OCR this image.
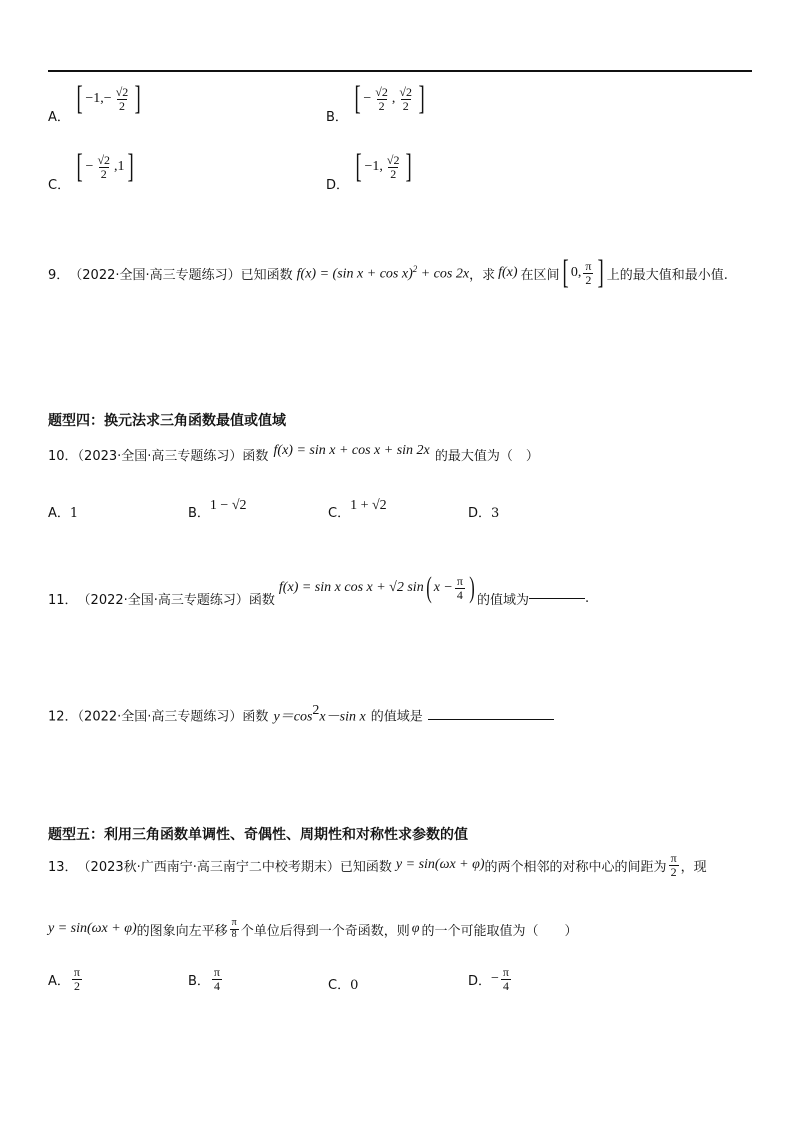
A．
[ −1, − $\frac{√2}{2}$ ]
B．
[ − $\frac{√2}{2}$ , $\frac{√2}{2}$ ]
C．
[ − $\frac{√2}{2} ,1$ ]
D．
[ −1, $\frac{√2}{2}$ ]
9． （2022·全国·高三专题练习） 已知函数 f(x) = (sin x + cos x)$^2$ + cos 2x ，求 f(x) 在区间 [ 0, $\frac{\pi}{2}$ ] 上的最大值和最小值.
题型四：换元法求三角函数最值或值域
10．（2023·全国·高三专题练习）函数 f(x) = sin x + cos x + sin 2x 的最大值为（　）
A．1	B．1 − √2
C．1 + √2
D．3
11． （2022·全国·高三专题练习） 函数
f(x) = sin x cos x + √2 sin ( $x - \frac{\pi}{4}$ ) 的值域为	.
12．（2022·全国·高三专题练习）函数 $y=\cos^2x-\sin$ x 的值域是
题型五：利用三角函数单调性、奇偶性、周期性和对称性求参数的值
13． （2023秋·广西南宁·高三南宁二中校考期末） 已知函数 y = sin(ωx + φ) 的两个相邻的对称中心的间距为 $\frac{\pi}{2}$ ，现
y = sin(ωx + φ) 的图象向左平移 $\frac{\pi}{8}$ 个单位后得到一个奇函数，则 φ 的一个可能取值为（　　）
A． $\frac{\pi}{2}$	B． $\frac{\pi}{4}$	C．0	D． − $\frac{\pi}{4}$
